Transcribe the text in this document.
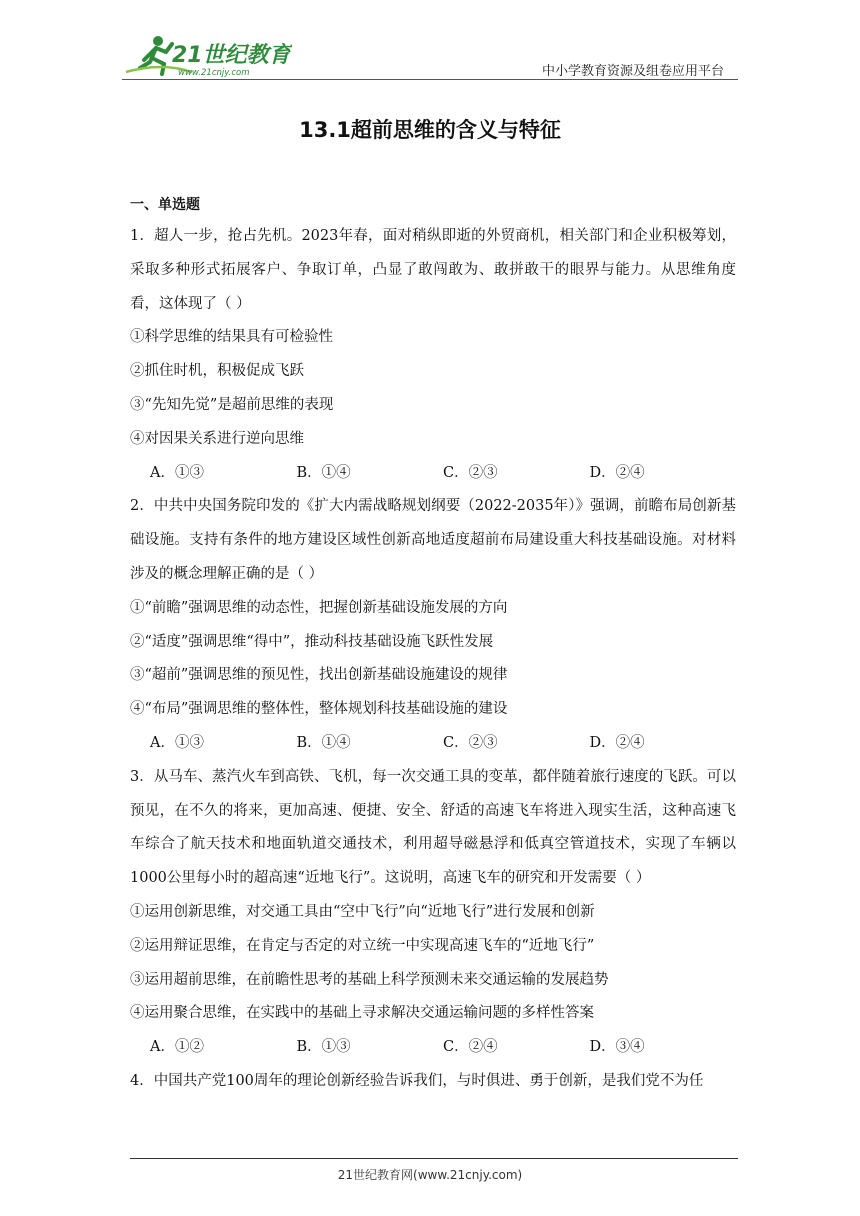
21世纪教育
www.21cnjy.com	中小学教育资源及组卷应用平台
13.1超前思维的含义与特征
一、单选题

1．超人一步，抢占先机。2023年春，面对稍纵即逝的外贸商机，相关部门和企业积极筹划，采取多种形式拓展客户、争取订单，凸显了敢闯敢为、敢拼敢干的眼界与能力。从思维角度看，这体现了（ ）

①科学思维的结果具有可检验性

②抓住时机，积极促成飞跃

③“先知先觉”是超前思维的表现

④对因果关系进行逆向思维

A．①③	B．①④	C．②③	D．②④

2．中共中央国务院印发的《扩大内需战略规划纲要（2022-2035年）》强调，前瞻布局创新基础设施。支持有条件的地方建设区域性创新高地适度超前布局建设重大科技基础设施。对材料涉及的概念理解正确的是（ ）

①“前瞻”强调思维的动态性，把握创新基础设施发展的方向

②“适度”强调思维“得中”，推动科技基础设施飞跃性发展

③“超前”强调思维的预见性，找出创新基础设施建设的规律

④“布局”强调思维的整体性，整体规划科技基础设施的建设

A．①③	B．①④	C．②③	D．②④

3．从马车、蒸汽火车到高铁、飞机，每一次交通工具的变革，都伴随着旅行速度的飞跃。可以预见，在不久的将来，更加高速、便捷、安全、舒适的高速飞车将进入现实生活，这种高速飞车综合了航天技术和地面轨道交通技术，利用超导磁悬浮和低真空管道技术，实现了车辆以1000公里每小时的超高速“近地飞行”。这说明，高速飞车的研究和开发需要（ ）

①运用创新思维，对交通工具由“空中飞行”向“近地飞行”进行发展和创新

②运用辩证思维，在肯定与否定的对立统一中实现高速飞车的“近地飞行”

③运用超前思维，在前瞻性思考的基础上科学预测未来交通运输的发展趋势

④运用聚合思维，在实践中的基础上寻求解决交通运输问题的多样性答案

A．①②	B．①③	C．②④	D．③④

4．中国共产党100周年的理论创新经验告诉我们，与时俱进、勇于创新，是我们党不为任

21世纪教育网(www.21cnjy.com)
